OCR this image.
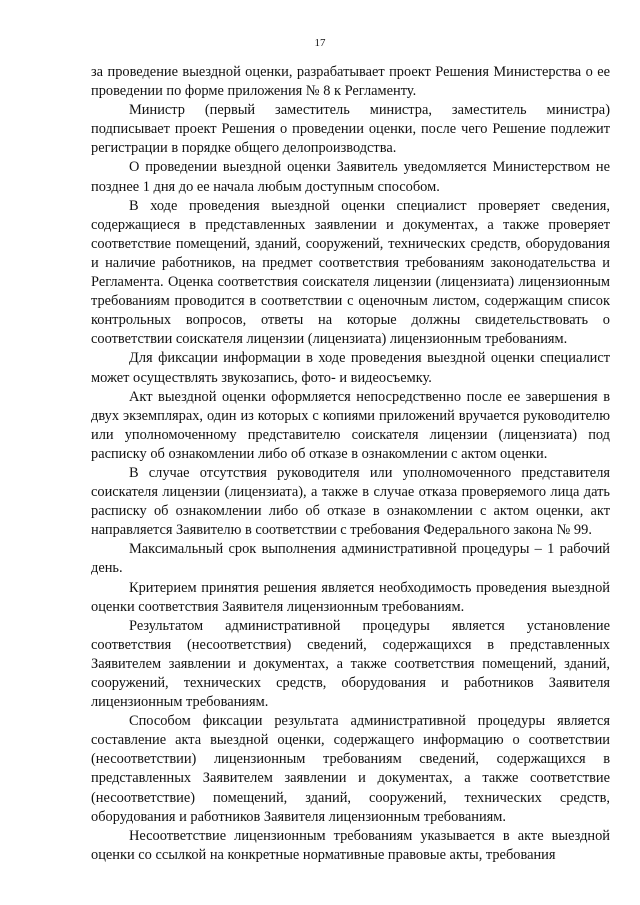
17

за проведение выездной оценки, разрабатывает проект Решения Министерства о ее проведении по форме приложения № 8 к Регламенту.

Министр (первый заместитель министра, заместитель министра) подписывает проект Решения о проведении оценки, после чего Решение подлежит регистрации в порядке общего делопроизводства.

О проведении выездной оценки Заявитель уведомляется Министерством не позднее 1 дня до ее начала любым доступным способом.

В ходе проведения выездной оценки специалист проверяет сведения, содержащиеся в представленных заявлении и документах, а также проверяет соответствие помещений, зданий, сооружений, технических средств, оборудования и наличие работников, на предмет соответствия требованиям законодательства и Регламента. Оценка соответствия соискателя лицензии (лицензиата) лицензионным требованиям проводится в соответствии с оценочным листом, содержащим список контрольных вопросов, ответы на которые должны свидетельствовать о соответствии соискателя лицензии (лицензиата) лицензионным требованиям.

Для фиксации информации в ходе проведения выездной оценки специалист может осуществлять звукозапись, фото- и видеосъемку.

Акт выездной оценки оформляется непосредственно после ее завершения в двух экземплярах, один из которых с копиями приложений вручается руководителю или уполномоченному представителю соискателя лицензии (лицензиата) под расписку об ознакомлении либо об отказе в ознакомлении с актом оценки.

В случае отсутствия руководителя или уполномоченного представителя соискателя лицензии (лицензиата), а также в случае отказа проверяемого лица дать расписку об ознакомлении либо об отказе в ознакомлении с актом оценки, акт направляется Заявителю в соответствии с требования Федерального закона № 99.

Максимальный срок выполнения административной процедуры – 1 рабочий день.

Критерием принятия решения является необходимость проведения выездной оценки соответствия Заявителя лицензионным требованиям.

Результатом административной процедуры является установление соответствия (несоответствия) сведений, содержащихся в представленных Заявителем заявлении и документах, а также соответствия помещений, зданий, сооружений, технических средств, оборудования и работников Заявителя лицензионным требованиям.

Способом фиксации результата административной процедуры является составление акта выездной оценки, содержащего информацию о соответствии (несоответствии) лицензионным требованиям сведений, содержащихся в представленных Заявителем заявлении и документах, а также соответствие (несоответствие) помещений, зданий, сооружений, технических средств, оборудования и работников Заявителя лицензионным требованиям.

Несоответствие лицензионным требованиям указывается в акте выездной оценки со ссылкой на конкретные нормативные правовые акты, требования
